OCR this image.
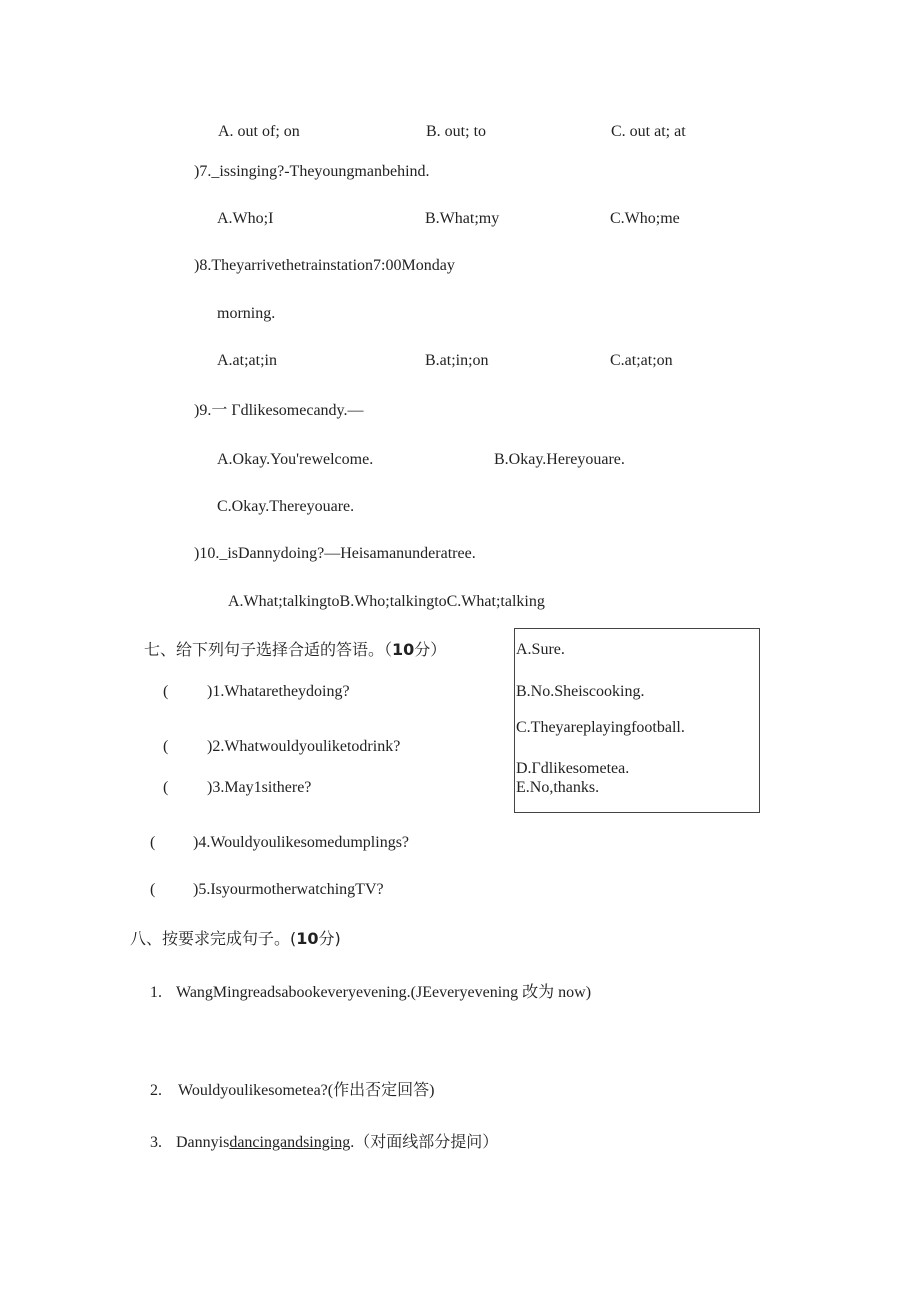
A. out of; on	B. out; to	C. out at; at
)7._issinging?-Theyoungmanbehind.
A.Who;I	B.What;my	C.Who;me
)8.Theyarrivethetrainstation7:00Monday
morning.
A.at;at;in	B.at;in;on	C.at;at;on
)9.一 Γdlikesomecandy.—
A.Okay.You'rewelcome.	B.Okay.Hereyouare.
C.Okay.Thereyouare.
)10._isDannydoing?—Heisamanunderatree.
A.What;talkingtoB.Who;talkingtoC.What;talking
七、给下列句子选择合适的答语。（10分）
( )1.Whataretheydoing?
( )2.Whatwouldyouliketodrink?
( )3.May1sithere?
( )4.Wouldyoulikesomedumplings?
( )5.IsyourmotherwatchingTV?
A.Sure.
B.No.Sheiscooking.
C.Theyareplayingfootball.
D.Γdlikesometea.
E.No,thanks.
八、按要求完成句子。(10分)
1. WangMingreadsabookeveryevening.(JEeveryevening 改为 now)
2. Wouldyoulikesometea?(作出否定回答)
3. Dannyisdancingandsinging.（对面线部分提问）
